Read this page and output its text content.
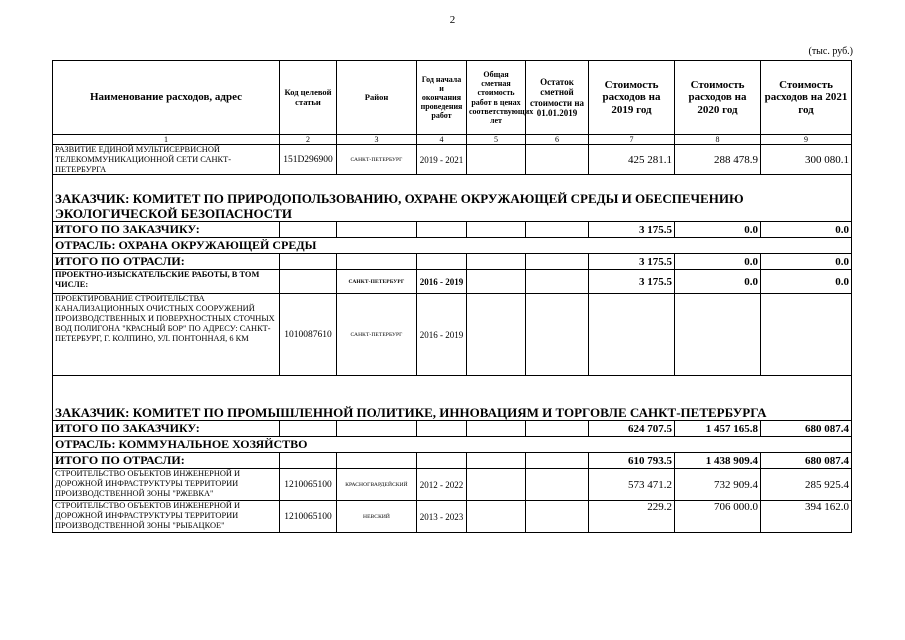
2
(тыс. руб.)
Наименование расходов, адрес	Код целевой статьи	Район	Год начала и окончания проведения работ	Общая сметная стоимость работ в ценах соответствующих лет	Остаток сметной стоимости на 01.01.2019	Стоимость расходов на 2019 год	Стоимость расходов на 2020 год	Стоимость расходов на 2021 год
1	2	3	4	5	6	7	8	9
РАЗВИТИЕ ЕДИНОЙ МУЛЬТИСЕРВИСНОЙ ТЕЛЕКОММУНИКАЦИОННОЙ СЕТИ САНКТ-ПЕТЕРБУРГА	151D296900	САНКТ-ПЕТЕРБУРГ	2019 - 2021			425 281.1	288 478.9	300 080.1
ЗАКАЗЧИК: КОМИТЕТ ПО ПРИРОДОПОЛЬЗОВАНИЮ, ОХРАНЕ ОКРУЖАЮЩЕЙ СРЕДЫ И ОБЕСПЕЧЕНИЮ ЭКОЛОГИЧЕСКОЙ БЕЗОПАСНОСТИ								
ИТОГО ПО ЗАКАЗЧИКУ:						3 175.5	0.0	0.0
ОТРАСЛЬ: ОХРАНА ОКРУЖАЮЩЕЙ СРЕДЫ								
ИТОГО ПО ОТРАСЛИ:						3 175.5	0.0	0.0
ПРОЕКТНО-ИЗЫСКАТЕЛЬСКИЕ РАБОТЫ, В ТОМ ЧИСЛЕ:		САНКТ-ПЕТЕРБУРГ	2016 - 2019			3 175.5	0.0	0.0
ПРОЕКТИРОВАНИЕ СТРОИТЕЛЬСТВА КАНАЛИЗАЦИОННЫХ ОЧИСТНЫХ СООРУЖЕНИЙ ПРОИЗВОДСТВЕННЫХ И ПОВЕРХНОСТНЫХ СТОЧНЫХ ВОД ПОЛИГОНА "КРАСНЫЙ БОР" ПО АДРЕСУ: САНКТ-ПЕТЕРБУРГ, Г. КОЛПИНО, УЛ. ПОНТОННАЯ, 6 КМ	1010087610	САНКТ-ПЕТЕРБУРГ	2016 - 2019					
ЗАКАЗЧИК: КОМИТЕТ ПО ПРОМЫШЛЕННОЙ ПОЛИТИКЕ, ИННОВАЦИЯМ И ТОРГОВЛЕ САНКТ-ПЕТЕРБУРГА								
ИТОГО ПО ЗАКАЗЧИКУ:						624 707.5	1 457 165.8	680 087.4
ОТРАСЛЬ: КОММУНАЛЬНОЕ ХОЗЯЙСТВО								
ИТОГО ПО ОТРАСЛИ:						610 793.5	1 438 909.4	680 087.4
СТРОИТЕЛЬСТВО ОБЪЕКТОВ ИНЖЕНЕРНОЙ И ДОРОЖНОЙ ИНФРАСТРУКТУРЫ ТЕРРИТОРИИ ПРОИЗВОДСТВЕННОЙ ЗОНЫ "РЖЕВКА"	1210065100	КРАСНОГВАРДЕЙСКИЙ	2012 - 2022			573 471.2	732 909.4	285 925.4
СТРОИТЕЛЬСТВО ОБЪЕКТОВ ИНЖЕНЕРНОЙ И ДОРОЖНОЙ ИНФРАСТРУКТУРЫ ТЕРРИТОРИИ ПРОИЗВОДСТВЕННОЙ ЗОНЫ "РЫБАЦКОЕ"	1210065100	НЕВСКИЙ	2013 - 2023			229.2	706 000.0	394 162.0
